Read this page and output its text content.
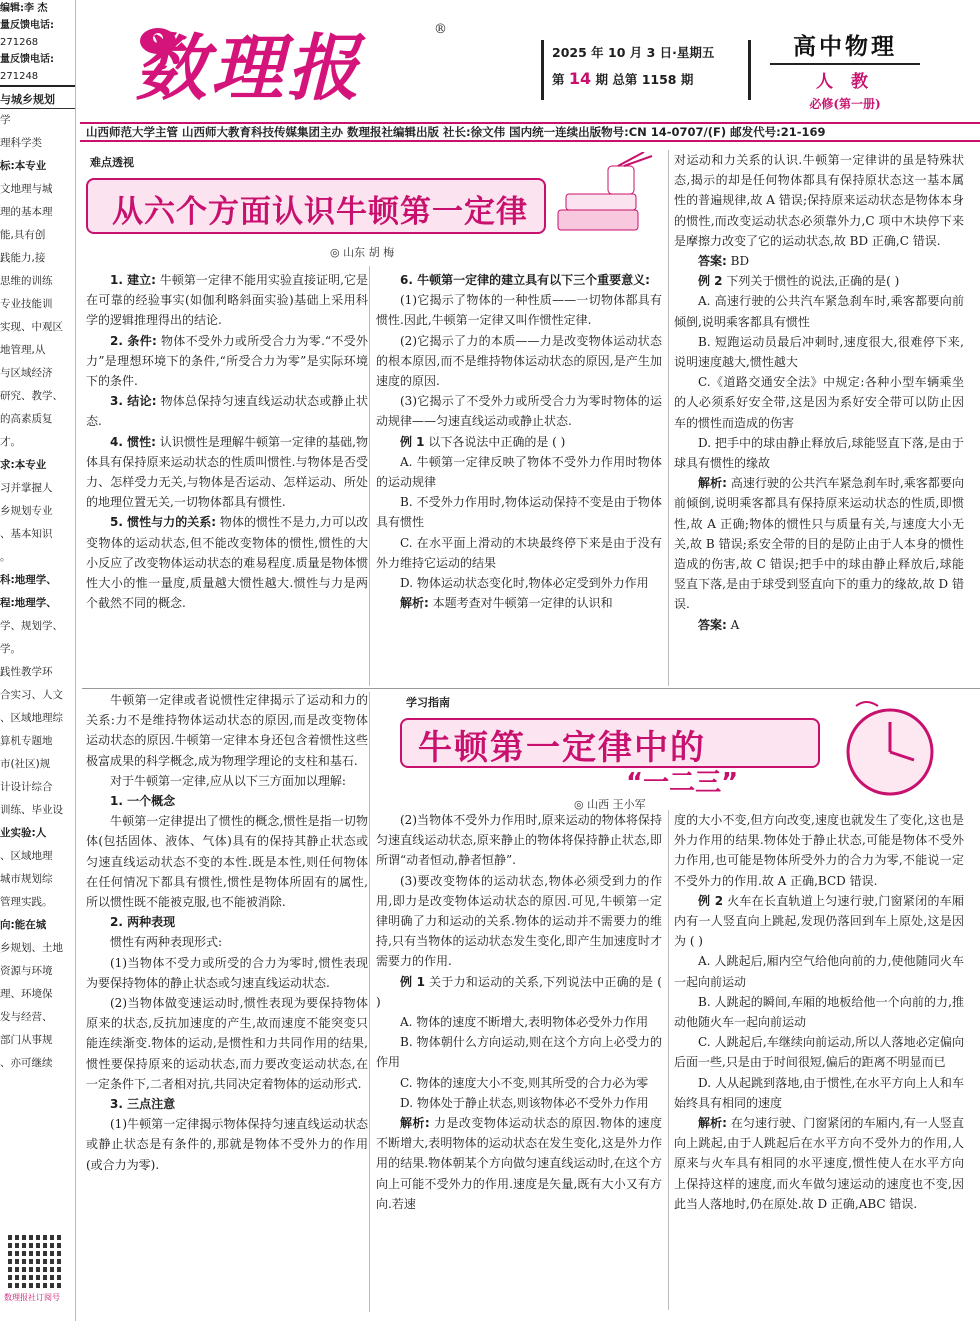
编辑:李 杰
量反馈电话:
271268
量反馈电话:
271248
与城乡规划

学

理科学类

标:本专业

文地理与城

理的基本理

能,具有创

践能力,接

思维的训练

专业技能训

实现、中观区

地管理,从

与区域经济

研究、教学、

的高素质复

才。

求:本专业

习并掌握人

乡规划专业

、基本知识

。

科:地理学、

程:地理学、

学、规划学、

学。

践性教学环

合实习、人文

、区域地理综

算机专题地

市(社区)规

计设计综合

训练、毕业设

业实验:人

、区域地理

城市规划综

管理实践。

向:能在城

乡规划、土地

资源与环境

理、环境保

发与经营、

部门从事规

、亦可继续

数理报社订阅号
数理报	®
2025 年 10 月 3 日·星期五
第 14 期 总第 1158 期
高中物理
人 教
必修(第一册)
山西师范大学主管 山西师大教育科技传媒集团主办 数理报社编辑出版 社长:徐文伟 国内统一连续出版物号:CN 14-0707/(F) 邮发代号:21-169
难点透视
从六个方面认识牛顿第一定律
◎ 山东 胡 梅

1. 建立: 牛顿第一定律不能用实验直接证明,它是在可靠的经验事实(如伽利略斜面实验)基础上采用科学的逻辑推理得出的结论.

2. 条件: 物体不受外力或所受合力为零.“不受外力”是理想环境下的条件,“所受合力为零”是实际环境下的条件.

3. 结论: 物体总保持匀速直线运动状态或静止状态.

4. 惯性: 认识惯性是理解牛顿第一定律的基础,物体具有保持原来运动状态的性质叫惯性.与物体是否受力、怎样受力无关,与物体是否运动、怎样运动、所处的地理位置无关,一切物体都具有惯性.

5. 惯性与力的关系: 物体的惯性不是力,力可以改变物体的运动状态,但不能改变物体的惯性,惯性的大小反应了改变物体运动状态的难易程度.质量是物体惯性大小的惟一量度,质量越大惯性越大.惯性与力是两个截然不同的概念.

6. 牛顿第一定律的建立具有以下三个重要意义:

(1)它揭示了物体的一种性质——一切物体都具有惯性.因此,牛顿第一定律又叫作惯性定律.

(2)它揭示了力的本质——力是改变物体运动状态的根本原因,而不是维持物体运动状态的原因,是产生加速度的原因.

(3)它揭示了不受外力或所受合力为零时物体的运动规律——匀速直线运动或静止状态.

例 1 以下各说法中正确的是 ( )

A. 牛顿第一定律反映了物体不受外力作用时物体的运动规律

B. 不受外力作用时,物体运动保持不变是由于物体具有惯性

C. 在水平面上滑动的木块最终停下来是由于没有外力维持它运动的结果

D. 物体运动状态变化时,物体必定受到外力作用

解析: 本题考查对牛顿第一定律的认识和

对运动和力关系的认识.牛顿第一定律讲的虽是特殊状态,揭示的却是任何物体都具有保持原状态这一基本属性的普遍规律,故 A 错误;保持原来运动状态是物体本身的惯性,而改变运动状态必须靠外力,C 项中木块停下来是摩擦力改变了它的运动状态,故 BD 正确,C 错误.

答案: BD

例 2 下列关于惯性的说法,正确的是( )

A. 高速行驶的公共汽车紧急刹车时,乘客都要向前倾倒,说明乘客都具有惯性

B. 短跑运动员最后冲刺时,速度很大,很难停下来,说明速度越大,惯性越大

C.《道路交通安全法》中规定:各种小型车辆乘坐的人必须系好安全带,这是因为系好安全带可以防止因车的惯性而造成的伤害

D. 把手中的球由静止释放后,球能竖直下落,是由于球具有惯性的缘故

解析: 高速行驶的公共汽车紧急刹车时,乘客都要向前倾倒,说明乘客都具有保持原来运动状态的性质,即惯性,故 A 正确;物体的惯性只与质量有关,与速度大小无关,故 B 错误;系安全带的目的是防止由于人本身的惯性造成的伤害,故 C 错误;把手中的球由静止释放后,球能竖直下落,是由于球受到竖直向下的重力的缘故,故 D 错误.

答案: A

学习指南
牛顿第一定律中的
“一二三”
◎ 山西 王小军

牛顿第一定律或者说惯性定律揭示了运动和力的关系:力不是维持物体运动状态的原因,而是改变物体运动状态的原因.牛顿第一定律本身还包含着惯性这些极富成果的科学概念,成为物理学理论的支柱和基石.

对于牛顿第一定律,应从以下三方面加以理解:

1. 一个概念

牛顿第一定律提出了惯性的概念,惯性是指一切物体(包括固体、液体、气体)具有的保持其静止状态或匀速直线运动状态不变的本性.既是本性,则任何物体在任何情况下都具有惯性,惯性是物体所固有的属性,所以惯性既不能被克服,也不能被消除.

2. 两种表现

惯性有两种表现形式:

(1)当物体不受力或所受的合力为零时,惯性表现为要保持物体的静止状态或匀速直线运动状态.

(2)当物体做变速运动时,惯性表现为要保持物体原来的状态,反抗加速度的产生,故而速度不能突变只能连续渐变.物体的运动,是惯性和力共同作用的结果,惯性要保持原来的运动状态,而力要改变运动状态,在一定条件下,二者相对抗,共同决定着物体的运动形式.

3. 三点注意

(1)牛顿第一定律揭示物体保持匀速直线运动状态或静止状态是有条件的,那就是物体不受外力的作用(或合力为零).

(2)当物体不受外力作用时,原来运动的物体将保持匀速直线运动状态,原来静止的物体将保持静止状态,即所谓“动者恒动,静者恒静”.

(3)要改变物体的运动状态,物体必须受到力的作用,即力是改变物体运动状态的原因.可见,牛顿第一定律明确了力和运动的关系.物体的运动并不需要力的维持,只有当物体的运动状态发生变化,即产生加速度时才需要力的作用.

例 1 关于力和运动的关系,下列说法中正确的是 ( )

A. 物体的速度不断增大,表明物体必受外力作用

B. 物体朝什么方向运动,则在这个方向上必受力的作用

C. 物体的速度大小不变,则其所受的合力必为零

D. 物体处于静止状态,则该物体必不受外力作用

解析: 力是改变物体运动状态的原因.物体的速度不断增大,表明物体的运动状态在发生变化,这是外力作用的结果.物体朝某个方向做匀速直线运动时,在这个方向上可能不受外力的作用.速度是矢量,既有大小又有方向.若速

度的大小不变,但方向改变,速度也就发生了变化,这也是外力作用的结果.物体处于静止状态,可能是物体不受外力作用,也可能是物体所受外力的合力为零,不能说一定不受外力的作用.故 A 正确,BCD 错误.

例 2 火车在长直轨道上匀速行驶,门窗紧闭的车厢内有一人竖直向上跳起,发现仍落回到车上原处,这是因为 ( )

A. 人跳起后,厢内空气给他向前的力,使他随同火车一起向前运动

B. 人跳起的瞬间,车厢的地板给他一个向前的力,推动他随火车一起向前运动

C. 人跳起后,车继续向前运动,所以人落地必定偏向后面一些,只是由于时间很短,偏后的距离不明显而已

D. 人从起跳到落地,由于惯性,在水平方向上人和车始终具有相同的速度

解析: 在匀速行驶、门窗紧闭的车厢内,有一人竖直向上跳起,由于人跳起后在水平方向不受外力的作用,人原来与火车具有相同的水平速度,惯性使人在水平方向上保持这样的速度,而火车做匀速运动的速度也不变,因此当人落地时,仍在原处.故 D 正确,ABC 错误.
